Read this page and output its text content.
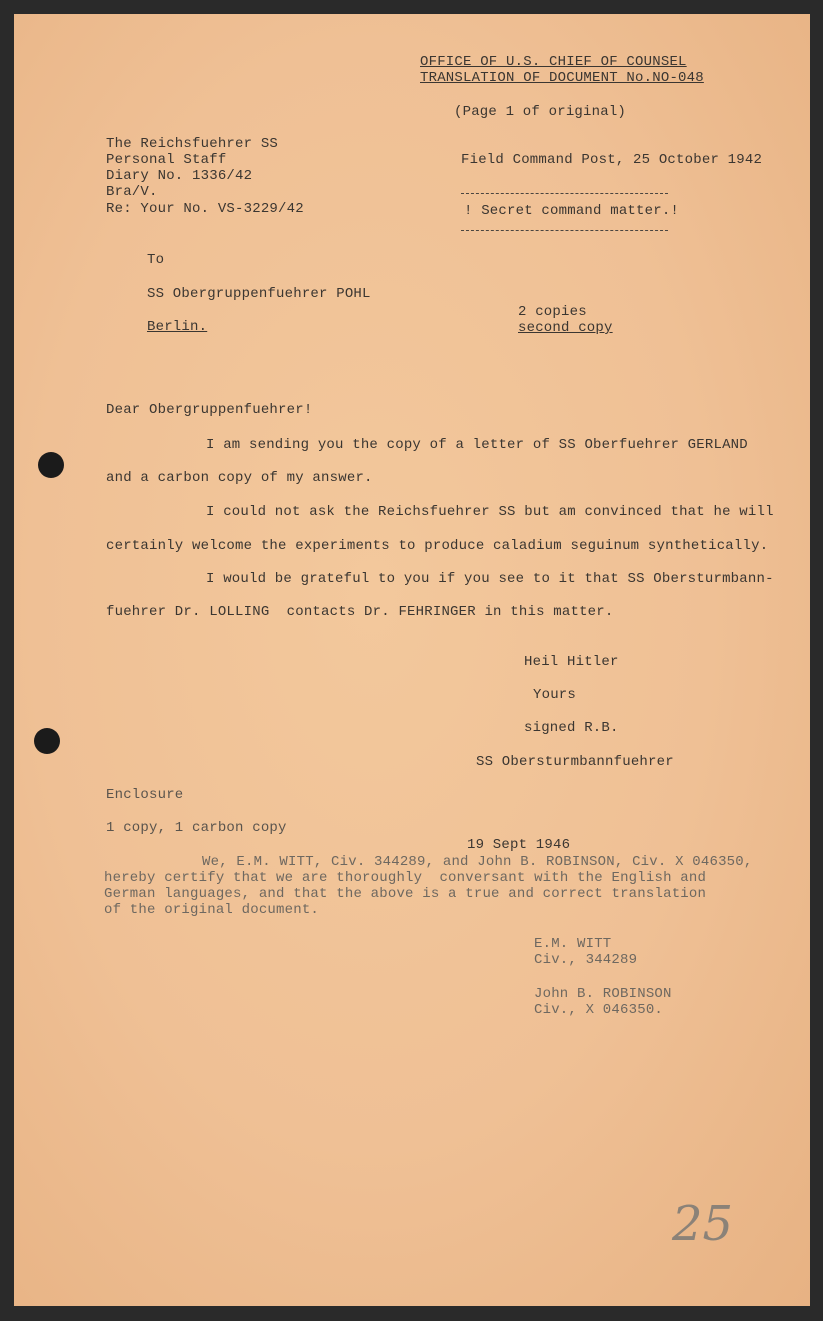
OFFICE OF U.S. CHIEF OF COUNSEL
TRANSLATION OF DOCUMENT No.NO-048
(Page 1 of original)
The Reichsfuehrer SS
Personal Staff
Diary No. 1336/42
Bra/V.
Re: Your No. VS-3229/42
Field Command Post, 25 October 1942
! Secret command matter.!
To
SS Obergruppenfuehrer POHL
Berlin.
2 copies
second copy
Dear Obergruppenfuehrer!
I am sending you the copy of a letter of SS Oberfuehrer GERLAND
and a carbon copy of my answer.
I could not ask the Reichsfuehrer SS but am convinced that he will
certainly welcome the experiments to produce caladium seguinum synthetically.
I would be grateful to you if you see to it that SS Obersturmbann-
fuehrer Dr. LOLLING  contacts Dr. FEHRINGER in this matter.
Heil Hitler
Yours
signed R.B.
SS Obersturmbannfuehrer
Enclosure
1 copy, 1 carbon copy
19 Sept 1946
We, E.M. WITT, Civ. 344289, and John B. ROBINSON, Civ. X 046350,
hereby certify that we are thoroughly  conversant with the English and
German languages, and that the above is a true and correct translation
of the original document.
E.M. WITT
Civ., 344289
John B. ROBINSON
Civ., X 046350.
25
